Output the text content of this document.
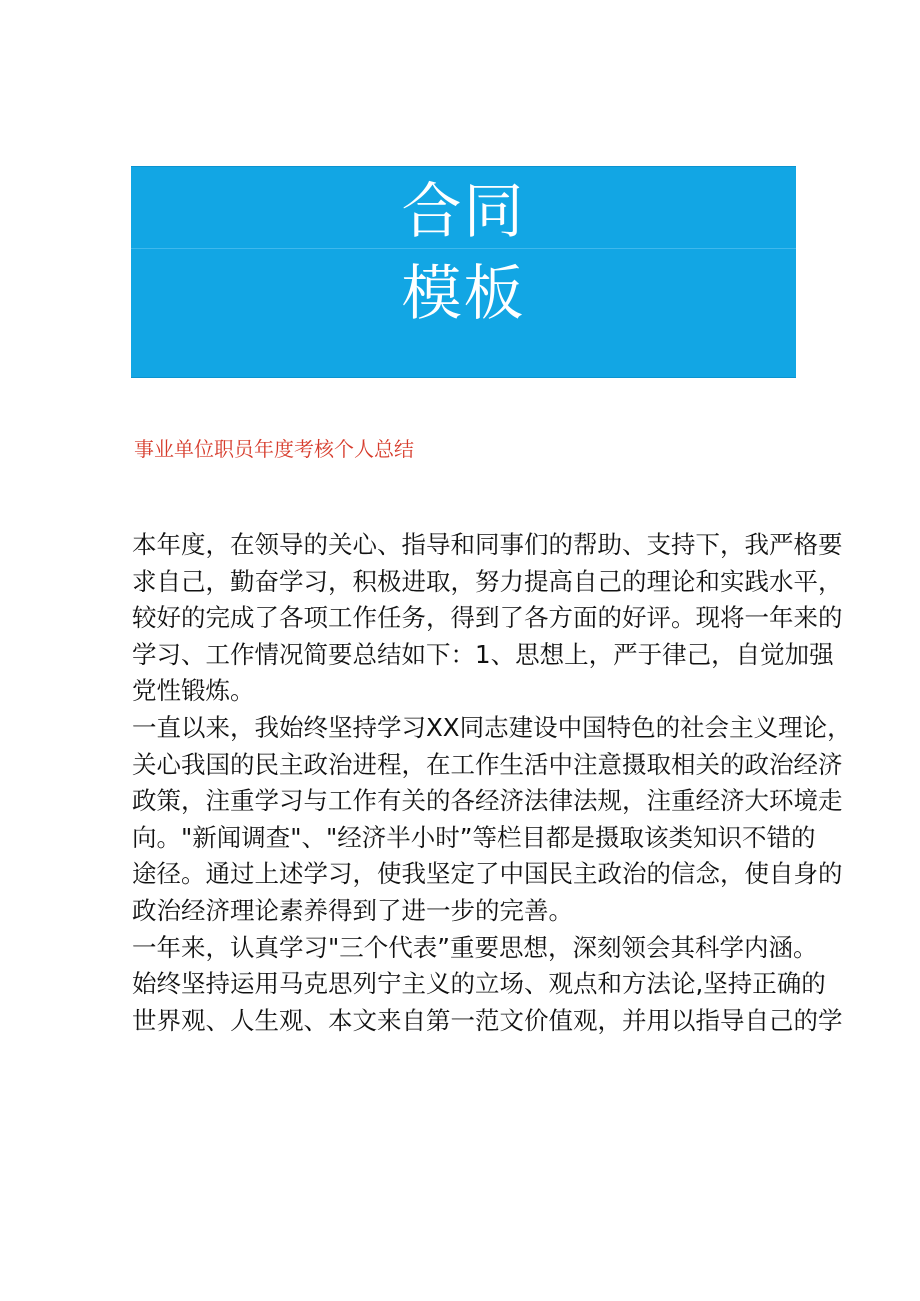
合同
模板
事业单位职员年度考核个人总结
本年度，在领导的关心、指导和同事们的帮助、支持下，我严格要
求自己，勤奋学习，积极进取，努力提高自己的理论和实践水平，
较好的完成了各项工作任务，得到了各方面的好评。现将一年来的
学习、工作情况简要总结如下：1、思想上，严于律己，自觉加强
党性锻炼。
一直以来，我始终坚持学习XX同志建设中国特色的社会主义理论，
关心我国的民主政治进程，在工作生活中注意摄取相关的政治经济
政策，注重学习与工作有关的各经济法律法规，注重经济大环境走
向。"新闻调查"、"经济半小时”等栏目都是摄取该类知识不错的
途径。通过上述学习，使我坚定了中国民主政治的信念，使自身的
政治经济理论素养得到了进一步的完善。
一年来，认真学习"三个代表”重要思想，深刻领会其科学内涵。
始终坚持运用马克思列宁主义的立场、观点和方法论,坚持正确的
世界观、人生观、本文来自第一范文价值观，并用以指导自己的学
